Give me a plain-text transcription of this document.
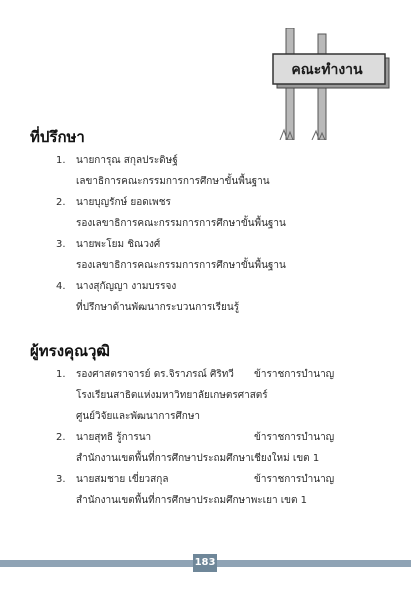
คณะทำงาน
ที่ปรึกษา
1.	นายการุณ สกุลประดิษฐ์
เลขาธิการคณะกรรมการการศึกษาขั้นพื้นฐาน
2.	นายบุญรักษ์ ยอดเพชร
รองเลขาธิการคณะกรรมการการศึกษาขั้นพื้นฐาน
3.	นายพะโยม ชิณวงศ์
รองเลขาธิการคณะกรรมการการศึกษาขั้นพื้นฐาน
4.	นางสุกัญญา งามบรรจง
ที่ปรึกษาด้านพัฒนากระบวนการเรียนรู้
ผู้ทรงคุณวุฒิ
1.	รองศาสตราจารย์ ดร.จิราภรณ์ ศิริทวี ข้าราชการบำนาญ
โรงเรียนสาธิตแห่งมหาวิทยาลัยเกษตรศาสตร์
ศูนย์วิจัยและพัฒนาการศึกษา
2.	นายสุทธิ รู้การนา	ข้าราชการบำนาญ
สำนักงานเขตพื้นที่การศึกษาประถมศึกษาเชียงใหม่ เขต 1
3.	นายสมชาย เขี่ยวสกุล	ข้าราชการบำนาญ
สำนักงานเขตพื้นที่การศึกษาประถมศึกษาพะเยา เขต 1
183
